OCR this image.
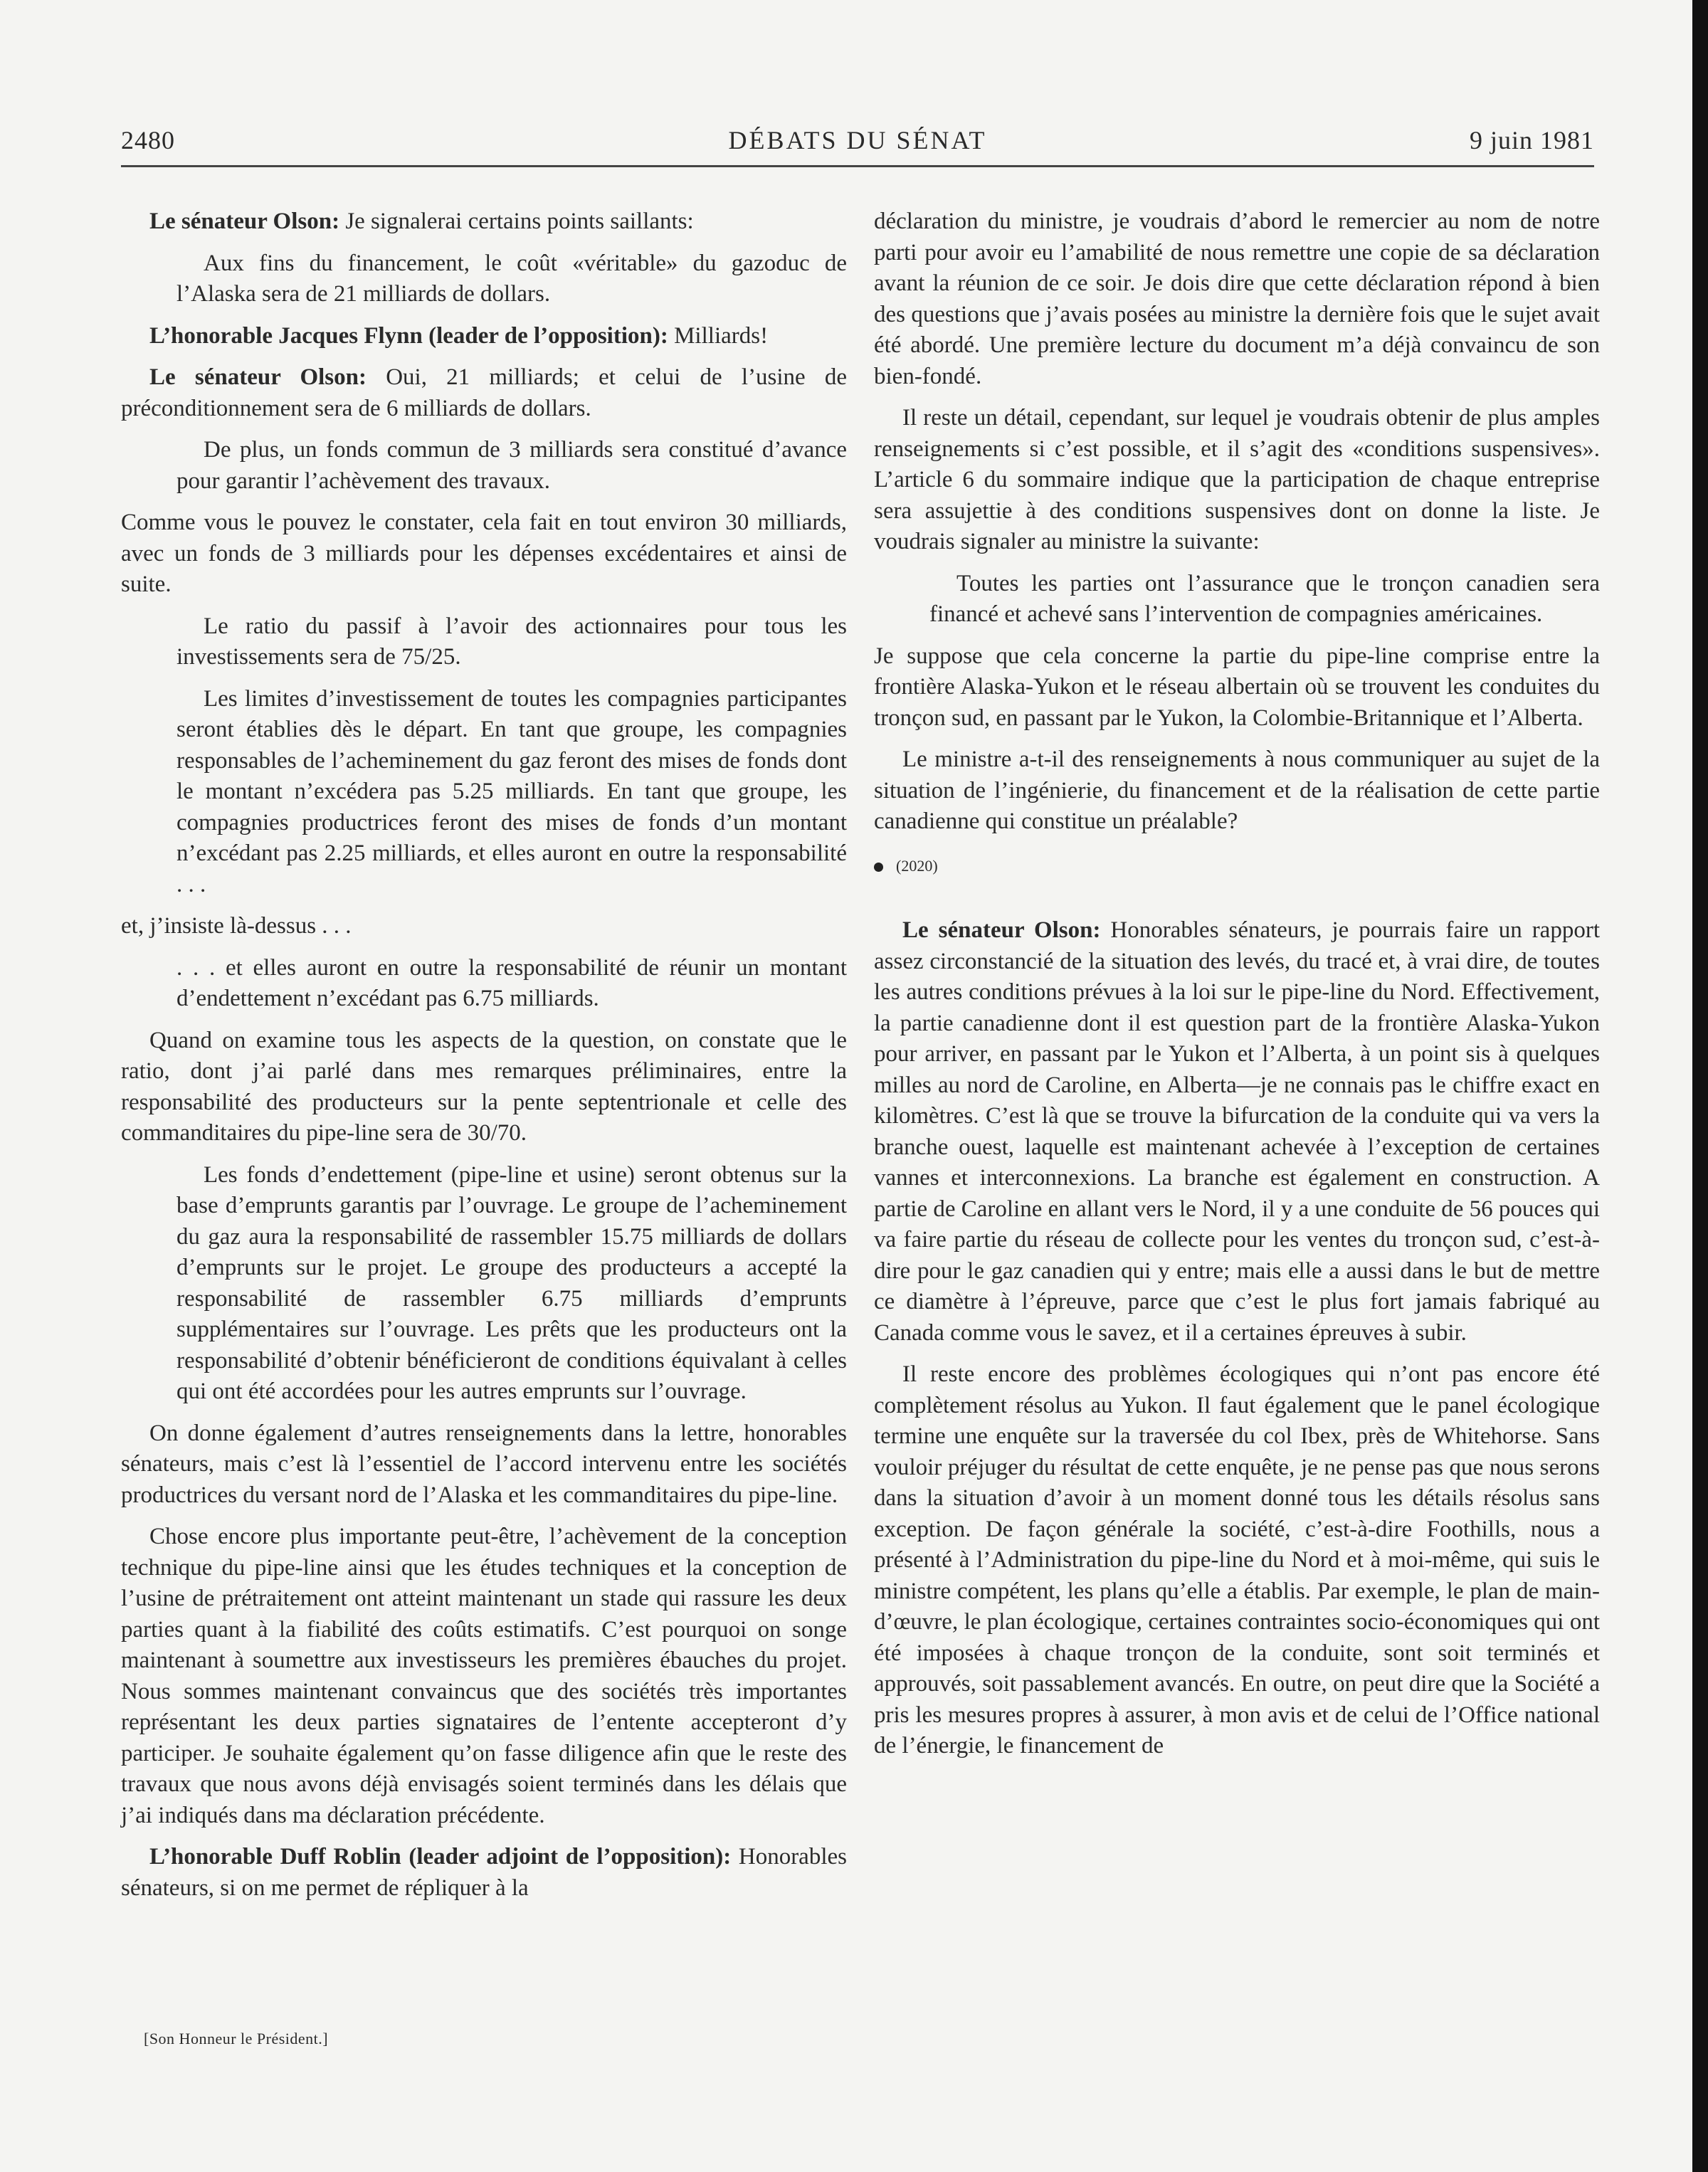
2480	DÉBATS DU SÉNAT	9 juin 1981

Le sénateur Olson: Je signalerai certains points saillants:

Aux fins du financement, le coût «véritable» du gazoduc de l’Alaska sera de 21 milliards de dollars.

L’honorable Jacques Flynn (leader de l’opposition): Milliards!

Le sénateur Olson: Oui, 21 milliards; et celui de l’usine de préconditionnement sera de 6 milliards de dollars.

De plus, un fonds commun de 3 milliards sera constitué d’avance pour garantir l’achèvement des travaux.

Comme vous le pouvez le constater, cela fait en tout environ 30 milliards, avec un fonds de 3 milliards pour les dépenses excédentaires et ainsi de suite.

Le ratio du passif à l’avoir des actionnaires pour tous les investissements sera de 75/25.

Les limites d’investissement de toutes les compagnies participantes seront établies dès le départ. En tant que groupe, les compagnies responsables de l’acheminement du gaz feront des mises de fonds dont le montant n’excédera pas 5.25 milliards. En tant que groupe, les compagnies productrices feront des mises de fonds d’un montant n’excédant pas 2.25 milliards, et elles auront en outre la responsabilité . . .

et, j’insiste là-dessus . . .

. . . et elles auront en outre la responsabilité de réunir un montant d’endettement n’excédant pas 6.75 milliards.

Quand on examine tous les aspects de la question, on constate que le ratio, dont j’ai parlé dans mes remarques préliminaires, entre la responsabilité des producteurs sur la pente septentrionale et celle des commanditaires du pipe-line sera de 30/70.

Les fonds d’endettement (pipe-line et usine) seront obtenus sur la base d’emprunts garantis par l’ouvrage. Le groupe de l’acheminement du gaz aura la responsabilité de rassembler 15.75 milliards de dollars d’emprunts sur le projet. Le groupe des producteurs a accepté la responsabilité de rassembler 6.75 milliards d’emprunts supplémentaires sur l’ouvrage. Les prêts que les producteurs ont la responsabilité d’obtenir bénéficieront de conditions équivalant à celles qui ont été accordées pour les autres emprunts sur l’ouvrage.

On donne également d’autres renseignements dans la lettre, honorables sénateurs, mais c’est là l’essentiel de l’accord intervenu entre les sociétés productrices du versant nord de l’Alaska et les commanditaires du pipe-line.

Chose encore plus importante peut-être, l’achèvement de la conception technique du pipe-line ainsi que les études techniques et la conception de l’usine de prétraitement ont atteint maintenant un stade qui rassure les deux parties quant à la fiabilité des coûts estimatifs. C’est pourquoi on songe maintenant à soumettre aux investisseurs les premières ébauches du projet. Nous sommes maintenant convaincus que des sociétés très importantes représentant les deux parties signataires de l’entente accepteront d’y participer. Je souhaite également qu’on fasse diligence afin que le reste des travaux que nous avons déjà envisagés soient terminés dans les délais que j’ai indiqués dans ma déclaration précédente.

L’honorable Duff Roblin (leader adjoint de l’opposition): Honorables sénateurs, si on me permet de répliquer à la

[Son Honneur le Président.]

déclaration du ministre, je voudrais d’abord le remercier au nom de notre parti pour avoir eu l’amabilité de nous remettre une copie de sa déclaration avant la réunion de ce soir. Je dois dire que cette déclaration répond à bien des questions que j’avais posées au ministre la dernière fois que le sujet avait été abordé. Une première lecture du document m’a déjà convaincu de son bien-fondé.

Il reste un détail, cependant, sur lequel je voudrais obtenir de plus amples renseignements si c’est possible, et il s’agit des «conditions suspensives». L’article 6 du sommaire indique que la participation de chaque entreprise sera assujettie à des conditions suspensives dont on donne la liste. Je voudrais signaler au ministre la suivante:

Toutes les parties ont l’assurance que le tronçon canadien sera financé et achevé sans l’intervention de compagnies américaines.

Je suppose que cela concerne la partie du pipe-line comprise entre la frontière Alaska-Yukon et le réseau albertain où se trouvent les conduites du tronçon sud, en passant par le Yukon, la Colombie-Britannique et l’Alberta.

Le ministre a-t-il des renseignements à nous communiquer au sujet de la situation de l’ingénierie, du financement et de la réalisation de cette partie canadienne qui constitue un préalable?

(2020)

Le sénateur Olson: Honorables sénateurs, je pourrais faire un rapport assez circonstancié de la situation des levés, du tracé et, à vrai dire, de toutes les autres conditions prévues à la loi sur le pipe-line du Nord. Effectivement, la partie canadienne dont il est question part de la frontière Alaska-Yukon pour arriver, en passant par le Yukon et l’Alberta, à un point sis à quelques milles au nord de Caroline, en Alberta—je ne connais pas le chiffre exact en kilomètres. C’est là que se trouve la bifurcation de la conduite qui va vers la branche ouest, laquelle est maintenant achevée à l’exception de certaines vannes et interconnexions. La branche est également en construction. A partie de Caroline en allant vers le Nord, il y a une conduite de 56 pouces qui va faire partie du réseau de collecte pour les ventes du tronçon sud, c’est-à-dire pour le gaz canadien qui y entre; mais elle a aussi dans le but de mettre ce diamètre à l’épreuve, parce que c’est le plus fort jamais fabriqué au Canada comme vous le savez, et il a certaines épreuves à subir.

Il reste encore des problèmes écologiques qui n’ont pas encore été complètement résolus au Yukon. Il faut également que le panel écologique termine une enquête sur la traversée du col Ibex, près de Whitehorse. Sans vouloir préjuger du résultat de cette enquête, je ne pense pas que nous serons dans la situation d’avoir à un moment donné tous les détails résolus sans exception. De façon générale la société, c’est-à-dire Foothills, nous a présenté à l’Administration du pipe-line du Nord et à moi-même, qui suis le ministre compétent, les plans qu’elle a établis. Par exemple, le plan de main-d’œuvre, le plan écologique, certaines contraintes socio-économiques qui ont été imposées à chaque tronçon de la conduite, sont soit terminés et approuvés, soit passablement avancés. En outre, on peut dire que la Société a pris les mesures propres à assurer, à mon avis et de celui de l’Office national de l’énergie, le financement de
